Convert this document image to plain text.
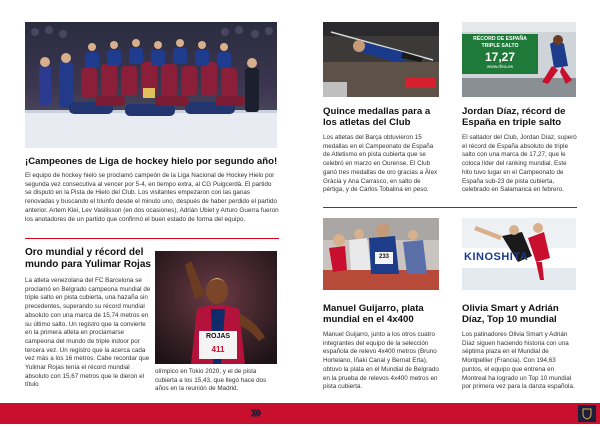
¡Campeones de Liga de hockey hielo por segundo año!

El equipo de hockey hielo se proclamó campeón de la Liga Nacional de Hockey Hielo por segunda vez consecutiva al vencer por 5-4, en tiempo extra, al CG Puigcerdà. El partido se disputó en la Pista de Hielo del Club. Los visitantes empezaron con las ganas renovadas y buscando el triunfo desde el minuto uno, después de haber perdido el partido anterior. Artem Klei, Lev Vasilisson (en dos ocasiones), Adrián Ubiet y Arturo Guerra fueron los anotadores de un partido que confirmó el buen estado de forma del equipo.

Oro mundial y récord del mundo para Yulimar Rojas

La atleta venezolana del FC Barcelona se proclamó en Belgrado campeona mundial de triple salto en pista cubierta, una hazaña sin precedentes, superando su récord mundial absoluto con una marca de 15,74 metros en su último salto. Un registro que la convierte en la primera atleta en proclamarse campeona del mundo de triple indoor por tercera vez. Un registro que la acerca cada vez más a los 16 metros. Cabe recordar que Yulimar Rojas tenía el récord mundial absoluto con 15,67 metros que le dieron el título

ROJAS
411

olímpico en Tokio 2020, y el de pista cubierta a los 15,43, que llegó hace dos años en la reunión de Madrid.

Quince medallas para a los atletas del Club

Los atletas del Barça obtuvieron 15 medallas en el Campeonato de España de Atletismo en pista cubierta que se celebró en marzo en Ourense. El Club ganó tres medallas de oro gracias a Àlex Gràcia y Ana Carrasco, en salto de pértiga, y de Carlos Tobalina en peso.

RÉCORD DE ESPAÑA
TRIPLE SALTO
17,27
www.rfea.es
Jordan Díaz, récord de España en triple salto

El saltador del Club, Jordan Díaz, superó el récord de España absoluto de triple salto con una marca de 17,27, que le coloca líder del ranking mundial. Este hito tuvo lugar en el Campeonato de España sub-23 de pista cubierta, celebrado en Salamanca en febrero.

233
Manuel Guijarro, plata mundial en el 4x400

Manuel Guijarro, junto a los otros cuatro integrantes del equipo de la selección española de relevo 4x400 metros (Bruno Hortelano, Iñaki Canal y Bernat Erta), obtuvo la plata en el Mundial de Belgrado en la prueba de relevos 4x400 metros en pista cubierta.

KINOSHITA
Olivia Smart y Adrián Díaz, Top 10 mundial

Los patinadores Olivia Smart y Adrián Díaz siguen haciendo historia con una séptima plaza en el Mundial de Montpellier (Francia). Con 194,63 puntos, el equipo que entrena en Montreal ha logrado un Top 10 mundial por primera vez para la danza española.

›››
